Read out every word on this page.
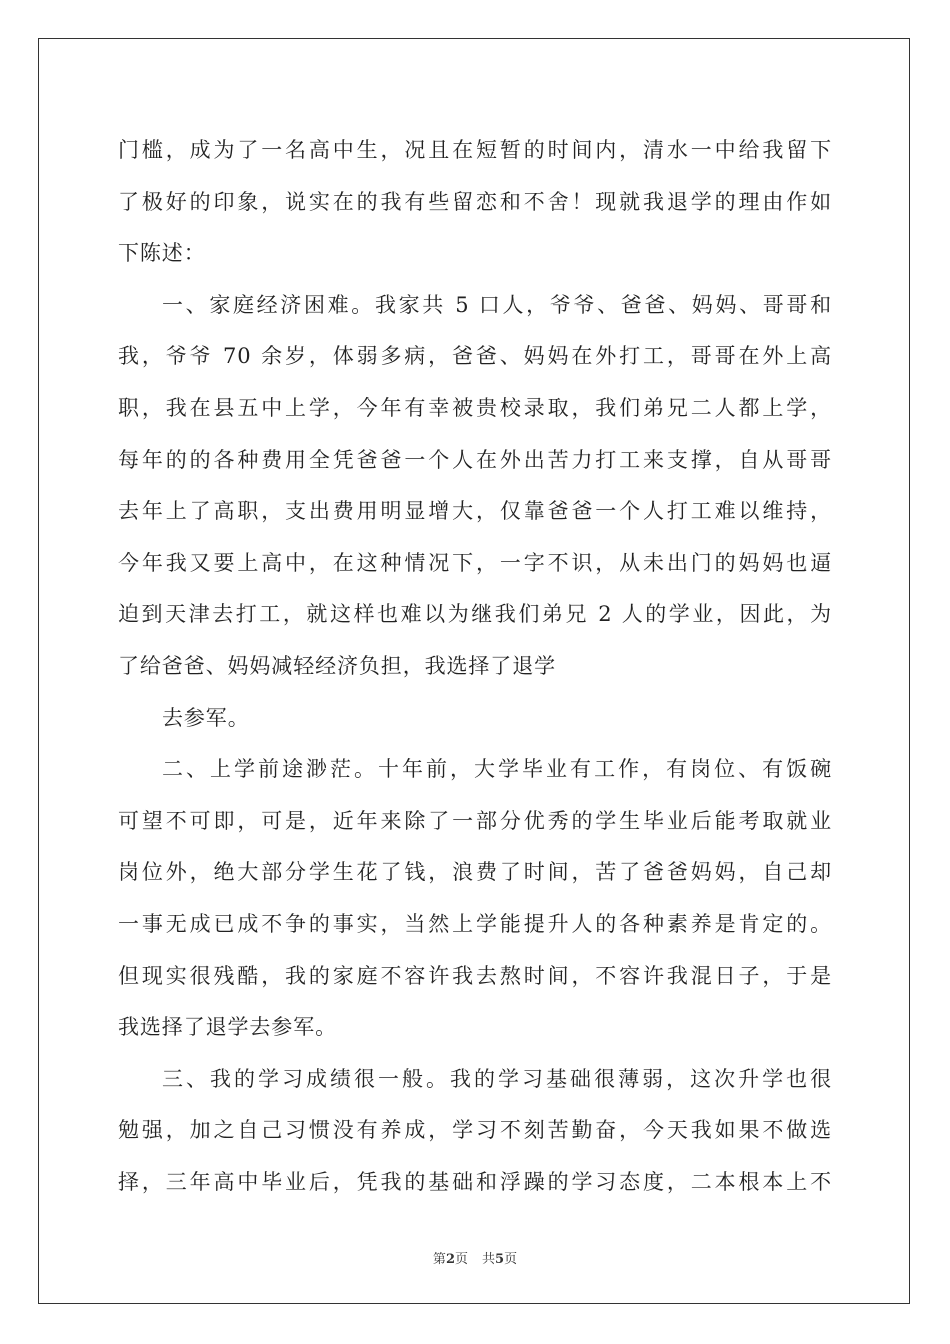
门槛，成为了一名高中生，况且在短暂的时间内，清水一中给我留下
了极好的印象，说实在的我有些留恋和不舍！现就我退学的理由作如
下陈述：
一、家庭经济困难。我家共 5 口人，爷爷、爸爸、妈妈、哥哥和
我，爷爷 70 余岁，体弱多病，爸爸、妈妈在外打工，哥哥在外上高
职，我在县五中上学，今年有幸被贵校录取，我们弟兄二人都上学，
每年的的各种费用全凭爸爸一个人在外出苦力打工来支撑，自从哥哥
去年上了高职，支出费用明显增大，仅靠爸爸一个人打工难以维持，
今年我又要上高中，在这种情况下，一字不识，从未出门的妈妈也逼
迫到天津去打工，就这样也难以为继我们弟兄 2 人的学业，因此，为
了给爸爸、妈妈减轻经济负担，我选择了退学
去参军。
二、上学前途渺茫。十年前，大学毕业有工作，有岗位、有饭碗
可望不可即，可是，近年来除了一部分优秀的学生毕业后能考取就业
岗位外，绝大部分学生花了钱，浪费了时间，苦了爸爸妈妈，自己却
一事无成已成不争的事实，当然上学能提升人的各种素养是肯定的。
但现实很残酷，我的家庭不容许我去熬时间，不容许我混日子，于是
我选择了退学去参军。
三、我的学习成绩很一般。我的学习基础很薄弱，这次升学也很
勉强，加之自己习惯没有养成，学习不刻苦勤奋，今天我如果不做选
择，三年高中毕业后，凭我的基础和浮躁的学习态度，二本根本上不
第2页 共5页
